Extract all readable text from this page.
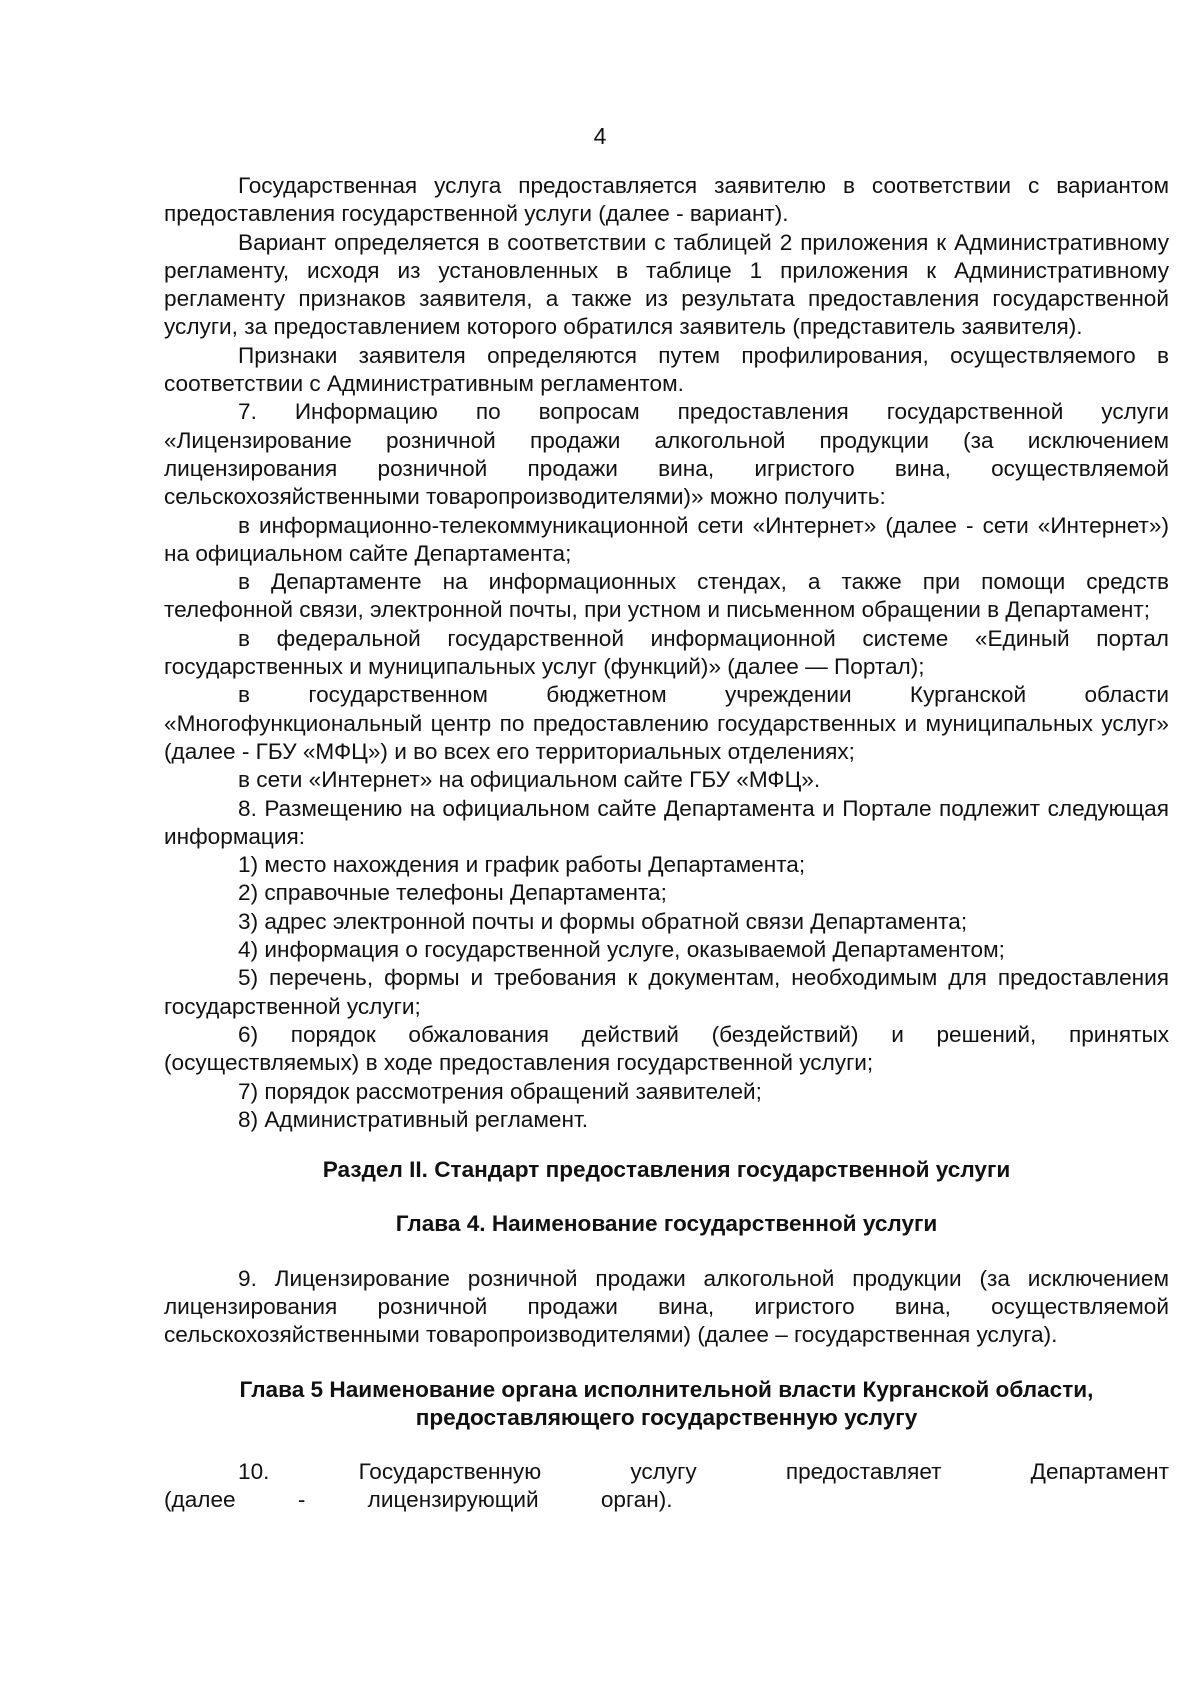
4

Государственная услуга предоставляется заявителю в соответствии с вариантом предоставления государственной услуги (далее - вариант).

Вариант определяется в соответствии с таблицей 2 приложения к Административному регламенту, исходя из установленных в таблице 1 приложения к Административному регламенту признаков заявителя, а также из результата предоставления государственной услуги, за предоставлением которого обратился заявитель (представитель заявителя).

Признаки заявителя определяются путем профилирования, осуществляемого в соответствии с Административным регламентом.

7. Информацию по вопросам предоставления государственной услуги «Лицензирование розничной продажи алкогольной продукции (за исключением лицензирования розничной продажи вина, игристого вина, осуществляемой сельскохозяйственными товаропроизводителями)» можно получить:

в информационно-телекоммуникационной сети «Интернет» (далее - сети «Интернет») на официальном сайте Департамента;

в Департаменте на информационных стендах, а также при помощи средств телефонной связи, электронной почты, при устном и письменном обращении в Департамент;

в федеральной государственной информационной системе «Единый портал государственных и муниципальных услуг (функций)» (далее — Портал);

в государственном бюджетном учреждении Курганской области «Многофункциональный центр по предоставлению государственных и муниципальных услуг» (далее - ГБУ «МФЦ») и во всех его территориальных отделениях;

в сети «Интернет» на официальном сайте ГБУ «МФЦ».

8. Размещению на официальном сайте Департамента и Портале подлежит следующая информация:

1) место нахождения и график работы Департамента;

2) справочные телефоны Департамента;

3) адрес электронной почты и формы обратной связи Департамента;

4) информация о государственной услуге, оказываемой Департаментом;

5) перечень, формы и требования к документам, необходимым для предоставления государственной услуги;

6) порядок обжалования действий (бездействий) и решений, принятых (осуществляемых) в ходе предоставления государственной услуги;

7) порядок рассмотрения обращений заявителей;

8) Административный регламент.

Раздел II. Стандарт предоставления государственной услуги

Глава 4. Наименование государственной услуги

9. Лицензирование розничной продажи алкогольной продукции (за исключением лицензирования розничной продажи вина, игристого вина, осуществляемой сельскохозяйственными товаропроизводителями) (далее – государственная услуга).

Глава 5 Наименование органа исполнительной власти Курганской области,

предоставляющего государственную услугу

10. Государственную услугу предоставляет Департамент (далее - лицензирующий орган).
